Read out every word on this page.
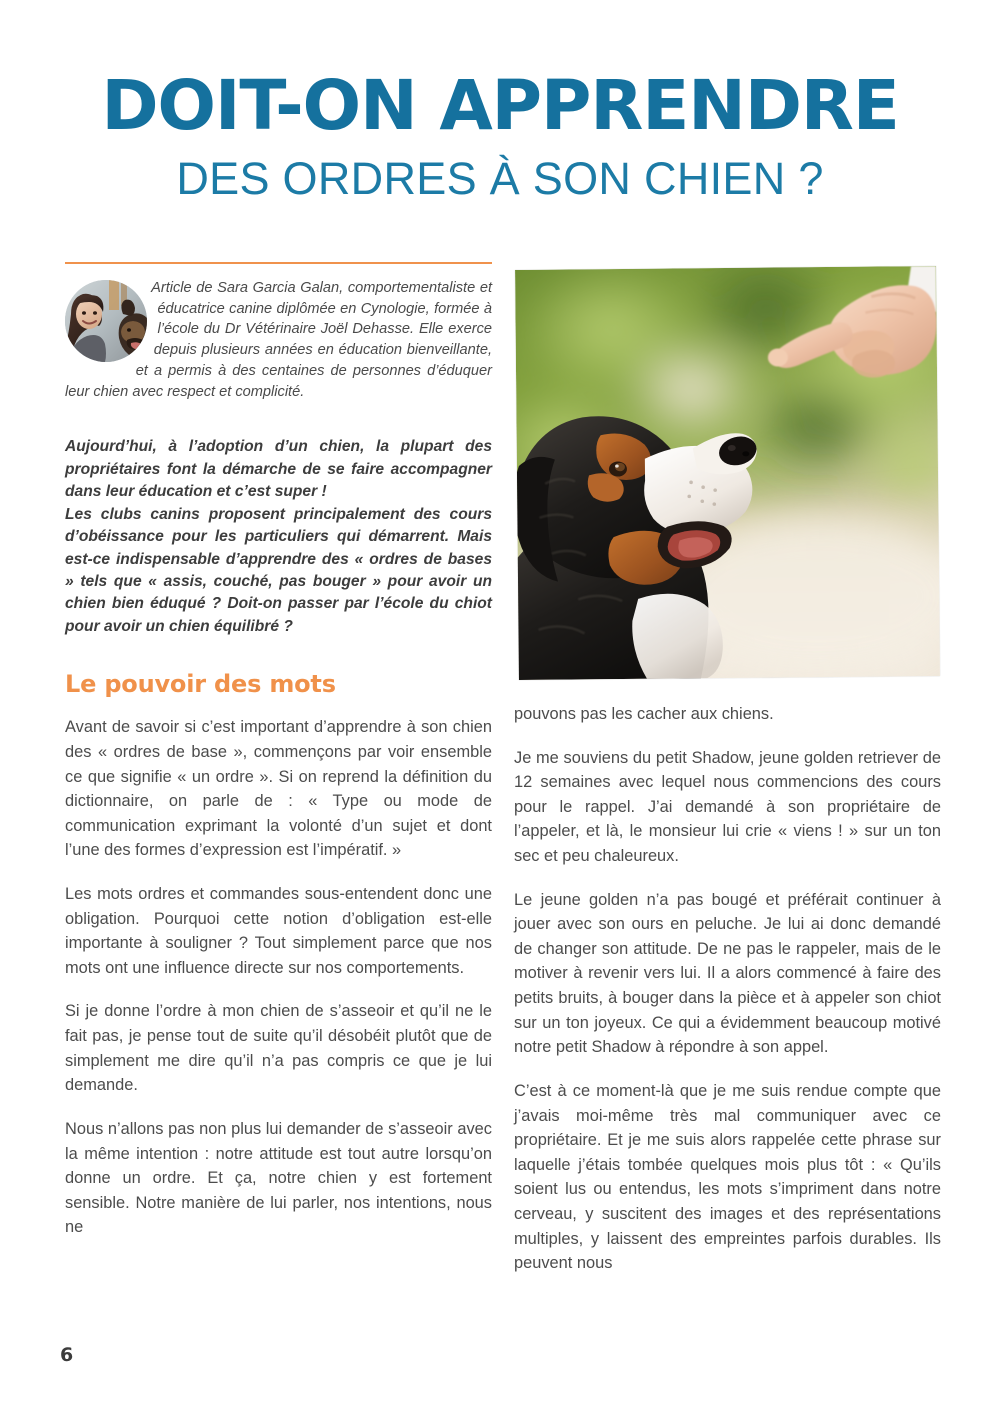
DOIT-ON APPRENDRE
DES ORDRES À SON CHIEN ?
Article de Sara Garcia Galan, comportementaliste et éducatrice canine diplômée en Cynologie, formée à l’école du Dr Vétérinaire Joël Dehasse. Elle exerce depuis plusieurs années en éducation bienveillante, et a permis à des centaines de personnes d’éduquer leur chien avec respect et complicité.

Aujourd’hui, à l’adoption d’un chien, la plupart des propriétaires font la démarche de se faire accompagner dans leur éducation et c’est super !

Les clubs canins proposent principalement des cours d’obéissance pour les particuliers qui démarrent. Mais est-ce indispensable d’apprendre des « ordres de bases » tels que « assis, couché, pas bouger » pour avoir un chien bien éduqué ? Doit-on passer par l’école du chiot pour avoir un chien équilibré ?

Le pouvoir des mots

Avant de savoir si c’est important d’apprendre à son chien des « ordres de base », commençons par voir ensemble ce que signifie « un ordre ». Si on reprend la définition du dictionnaire, on parle de : « Type ou mode de communication exprimant la volonté d’un sujet et dont l’une des formes d’expression est l’impératif. »

Les mots ordres et commandes sous-entendent donc une obligation. Pourquoi cette notion d’obligation est-elle importante à souligner ? Tout simplement parce que nos mots ont une influence directe sur nos comportements.

Si je donne l’ordre à mon chien de s’asseoir et qu’il ne le fait pas, je pense tout de suite qu’il désobéit plutôt que de simplement me dire qu’il n’a pas compris ce que je lui demande.

Nous n’allons pas non plus lui demander de s’asseoir avec la même intention : notre attitude est tout autre lorsqu’on donne un ordre. Et ça, notre chien y est fortement sensible. Notre manière de lui parler, nos intentions, nous ne

pouvons pas les cacher aux chiens.

Je me souviens du petit Shadow, jeune golden retriever de 12 semaines avec lequel nous commencions des cours pour le rappel. J’ai demandé à son propriétaire de l’appeler, et là, le monsieur lui crie « viens ! » sur un ton sec et peu chaleureux.

Le jeune golden n’a pas bougé et préférait continuer à jouer avec son ours en peluche. Je lui ai donc demandé de changer son attitude. De ne pas le rappeler, mais de le motiver à revenir vers lui. Il a alors commencé à faire des petits bruits, à bouger dans la pièce et à appeler son chiot sur un ton joyeux. Ce qui a évidemment beaucoup motivé notre petit Shadow à répondre à son appel.

C’est à ce moment-là que je me suis rendue compte que j’avais moi-même très mal communiquer avec ce propriétaire. Et je me suis alors rappelée cette phrase sur laquelle j’étais tombée quelques mois plus tôt : « Qu’ils soient lus ou entendus, les mots s’impriment dans notre cerveau, y suscitent des images et des représentations multiples, y laissent des empreintes parfois durables. Ils peuvent nous

6
